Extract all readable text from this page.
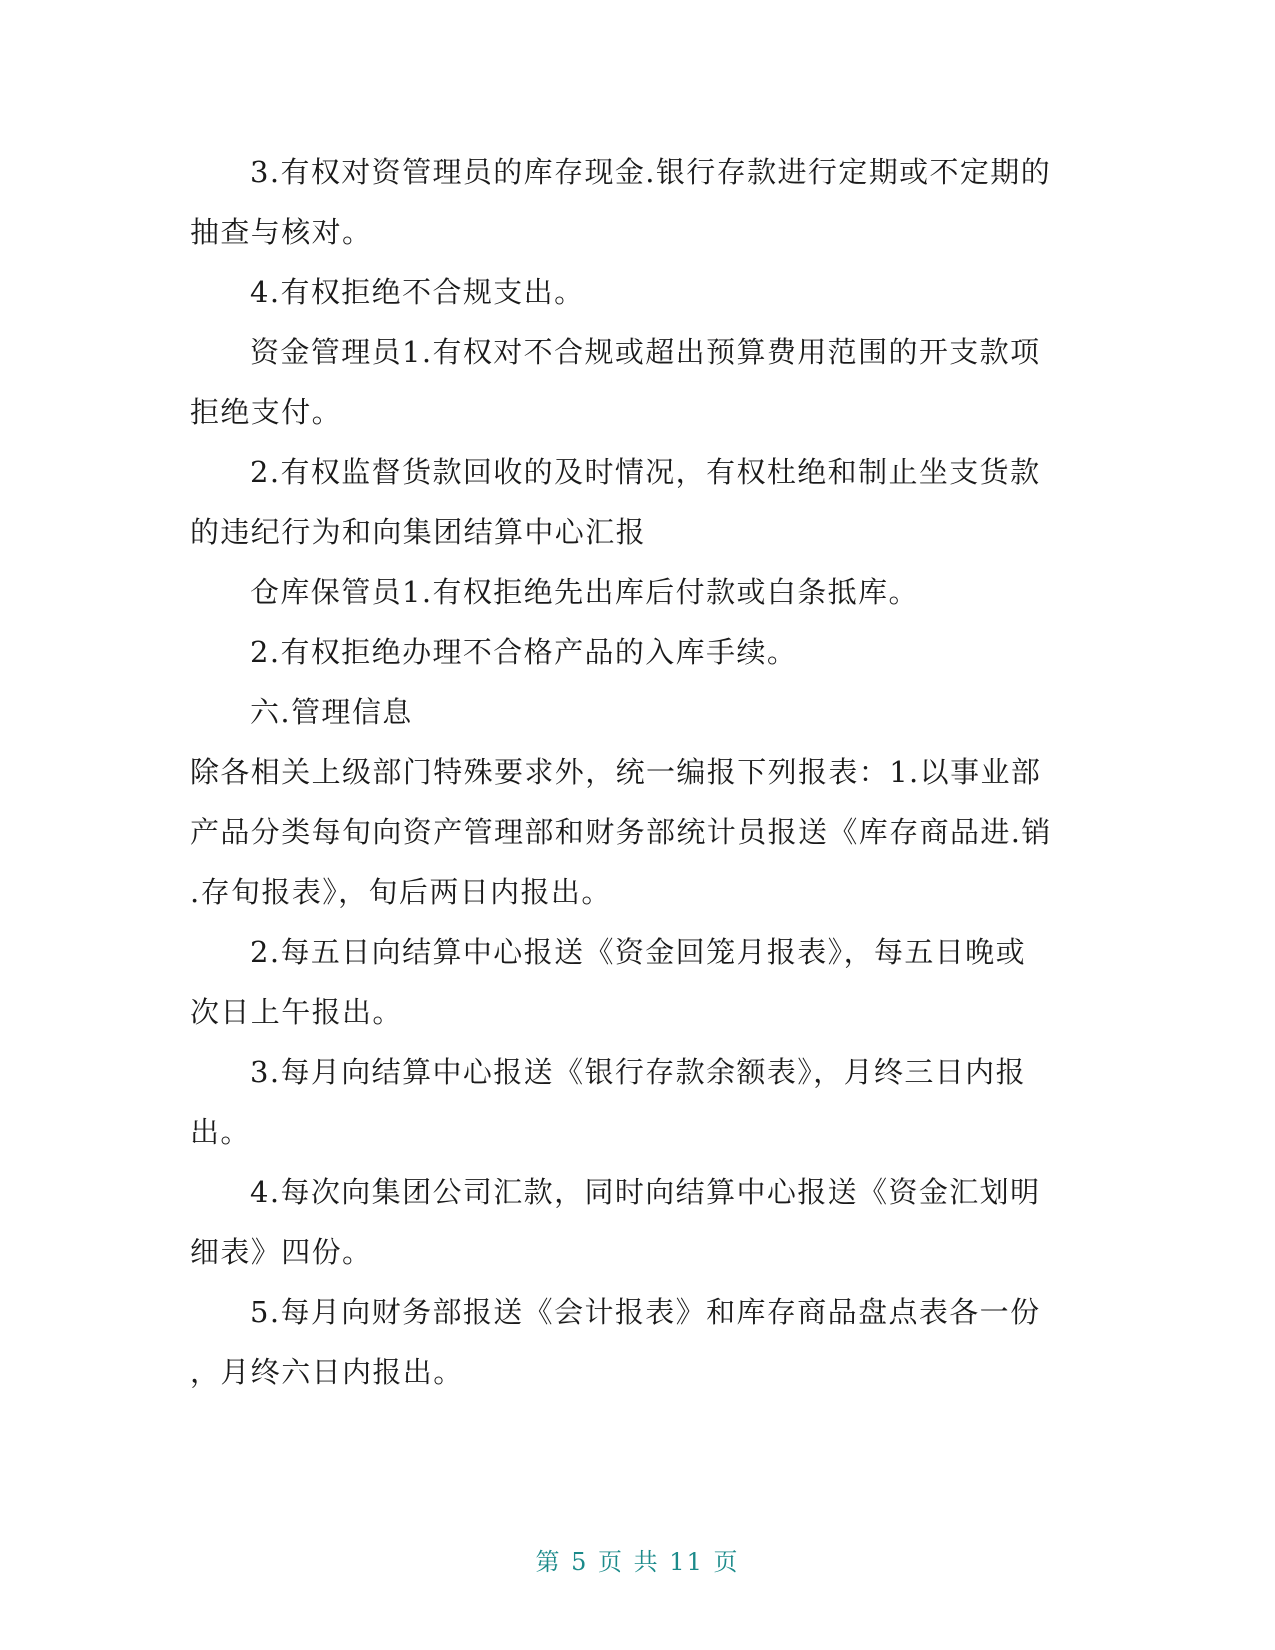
3.有权对资管理员的库存现金.银行存款进行定期或不定期的
抽查与核对。
4.有权拒绝不合规支出。
资金管理员1.有权对不合规或超出预算费用范围的开支款项
拒绝支付。
2.有权监督货款回收的及时情况，有权杜绝和制止坐支货款
的违纪行为和向集团结算中心汇报
仓库保管员1.有权拒绝先出库后付款或白条抵库。
2.有权拒绝办理不合格产品的入库手续。
六.管理信息
除各相关上级部门特殊要求外，统一编报下列报表：1.以事业部
产品分类每旬向资产管理部和财务部统计员报送《库存商品进.销
.存旬报表》，旬后两日内报出。
2.每五日向结算中心报送《资金回笼月报表》，每五日晚或
次日上午报出。
3.每月向结算中心报送《银行存款余额表》，月终三日内报
出。
4.每次向集团公司汇款，同时向结算中心报送《资金汇划明
细表》四份。
5.每月向财务部报送《会计报表》和库存商品盘点表各一份
，月终六日内报出。
第 5 页 共 11 页
